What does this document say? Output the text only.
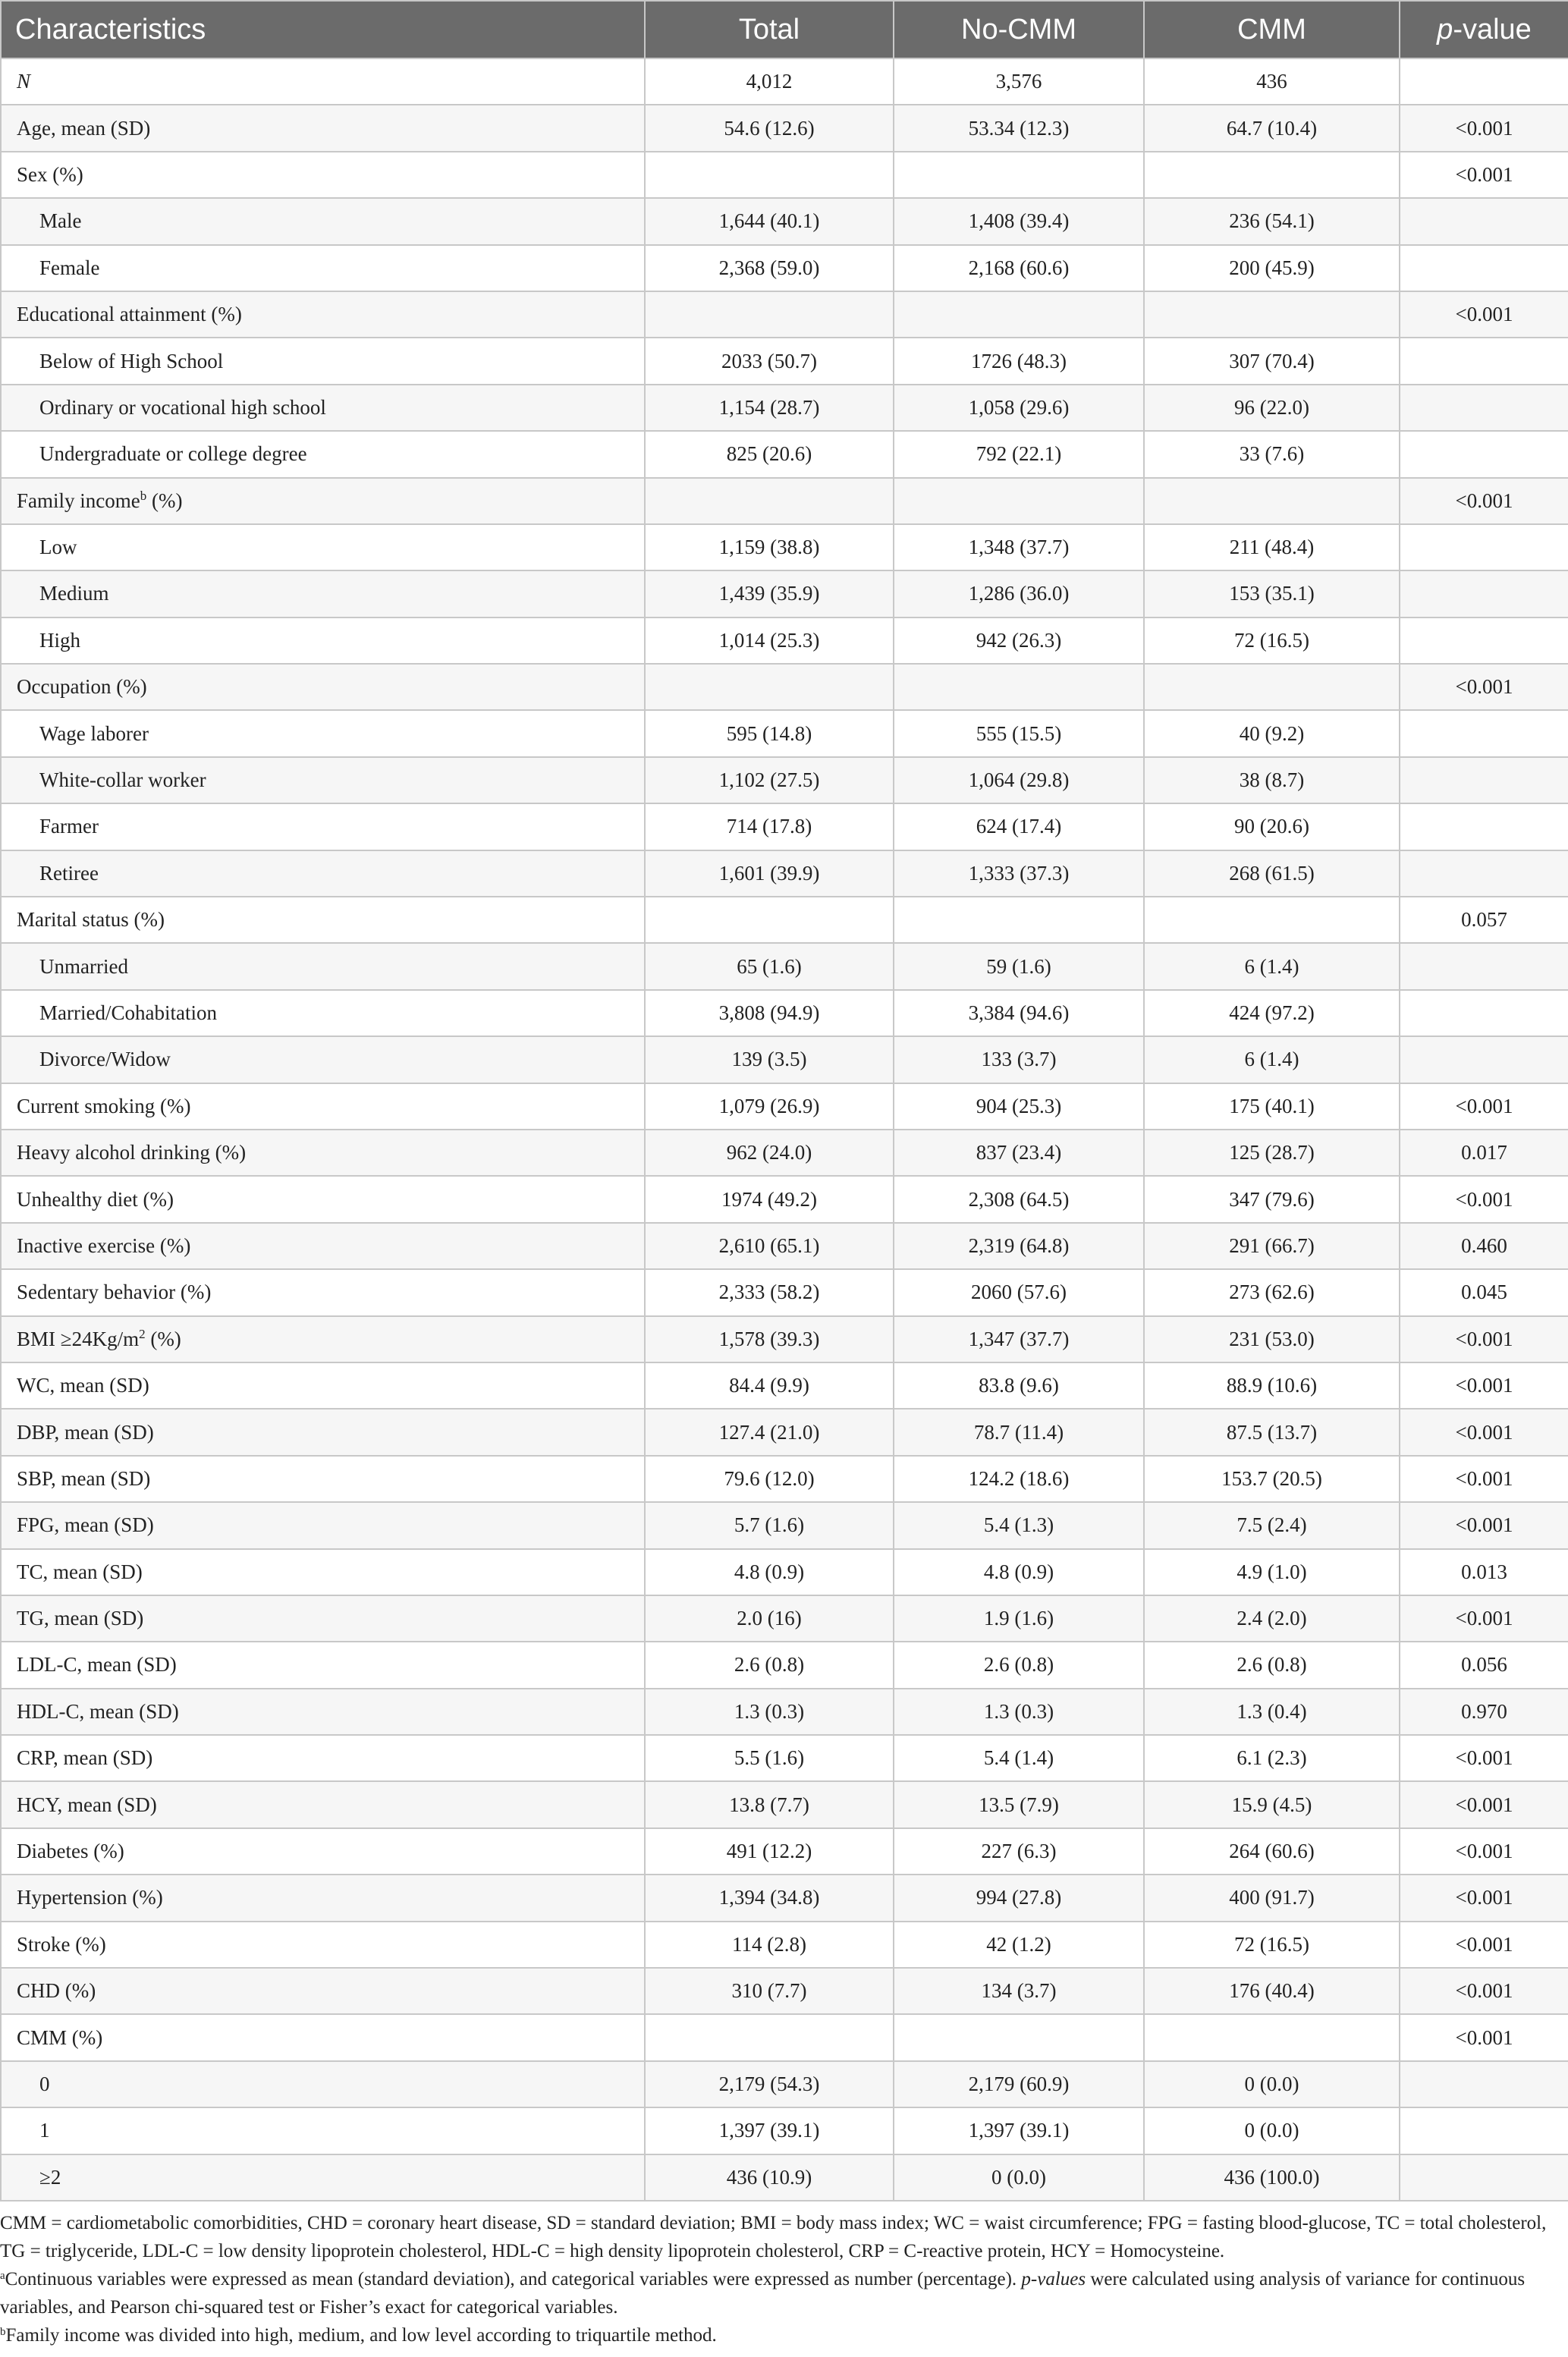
Characteristics	Total	No-CMM	CMM	p-value
N	4,012	3,576	436	
Age, mean (SD)	54.6 (12.6)	53.34 (12.3)	64.7 (10.4)	<0.001
Sex (%)				<0.001
Male	1,644 (40.1)	1,408 (39.4)	236 (54.1)	
Female	2,368 (59.0)	2,168 (60.6)	200 (45.9)	
Educational attainment (%)				<0.001
Below of High School	2033 (50.7)	1726 (48.3)	307 (70.4)	
Ordinary or vocational high school	1,154 (28.7)	1,058 (29.6)	96 (22.0)	
Undergraduate or college degree	825 (20.6)	792 (22.1)	33 (7.6)	
Family income$^b$ (%)				<0.001
Low	1,159 (38.8)	1,348 (37.7)	211 (48.4)	
Medium	1,439 (35.9)	1,286 (36.0)	153 (35.1)	
High	1,014 (25.3)	942 (26.3)	72 (16.5)	
Occupation (%)				<0.001
Wage laborer	595 (14.8)	555 (15.5)	40 (9.2)	
White-collar worker	1,102 (27.5)	1,064 (29.8)	38 (8.7)	
Farmer	714 (17.8)	624 (17.4)	90 (20.6)	
Retiree	1,601 (39.9)	1,333 (37.3)	268 (61.5)	
Marital status (%)				0.057
Unmarried	65 (1.6)	59 (1.6)	6 (1.4)	
Married/Cohabitation	3,808 (94.9)	3,384 (94.6)	424 (97.2)	
Divorce/Widow	139 (3.5)	133 (3.7)	6 (1.4)	
Current smoking (%)	1,079 (26.9)	904 (25.3)	175 (40.1)	<0.001
Heavy alcohol drinking (%)	962 (24.0)	837 (23.4)	125 (28.7)	0.017
Unhealthy diet (%)	1974 (49.2)	2,308 (64.5)	347 (79.6)	<0.001
Inactive exercise (%)	2,610 (65.1)	2,319 (64.8)	291 (66.7)	0.460
Sedentary behavior (%)	2,333 (58.2)	2060 (57.6)	273 (62.6)	0.045
BMI $\ge 24Kg/m^2$ (%)	1,578 (39.3)	1,347 (37.7)	231 (53.0)	<0.001
WC, mean (SD)	84.4 (9.9)	83.8 (9.6)	88.9 (10.6)	<0.001
DBP, mean (SD)	127.4 (21.0)	78.7 (11.4)	87.5 (13.7)	<0.001
SBP, mean (SD)	79.6 (12.0)	124.2 (18.6)	153.7 (20.5)	<0.001
FPG, mean (SD)	5.7 (1.6)	5.4 (1.3)	7.5 (2.4)	<0.001
TC, mean (SD)	4.8 (0.9)	4.8 (0.9)	4.9 (1.0)	0.013
TG, mean (SD)	2.0 (16)	1.9 (1.6)	2.4 (2.0)	<0.001
LDL-C, mean (SD)	2.6 (0.8)	2.6 (0.8)	2.6 (0.8)	0.056
HDL-C, mean (SD)	1.3 (0.3)	1.3 (0.3)	1.3 (0.4)	0.970
CRP, mean (SD)	5.5 (1.6)	5.4 (1.4)	6.1 (2.3)	<0.001
HCY, mean (SD)	13.8 (7.7)	13.5 (7.9)	15.9 (4.5)	<0.001
Diabetes (%)	491 (12.2)	227 (6.3)	264 (60.6)	<0.001
Hypertension (%)	1,394 (34.8)	994 (27.8)	400 (91.7)	<0.001
Stroke (%)	114 (2.8)	42 (1.2)	72 (16.5)	<0.001
CHD (%)	310 (7.7)	134 (3.7)	176 (40.4)	<0.001
CMM (%)				<0.001
0	2,179 (54.3)	2,179 (60.9)	0 (0.0)	
1	1,397 (39.1)	1,397 (39.1)	0 (0.0)	
≥2	436 (10.9)	0 (0.0)	436 (100.0)	

CMM = cardiometabolic comorbidities, CHD = coronary heart disease, SD = standard deviation; BMI = body mass index; WC = waist circumference; FPG = fasting blood-glucose, TC = total cholesterol, TG = triglyceride, LDL-C = low density lipoprotein cholesterol, HDL-C = high density lipoprotein cholesterol, CRP = C-reactive protein, HCY = Homocysteine.

$^a$Continuous variables were expressed as mean (standard deviation), and categorical variables were expressed as number (percentage). p-values were calculated using analysis of variance for continuous variables, and Pearson chi-squared test or Fisher’s exact for categorical variables.

$^b$Family income was divided into high, medium, and low level according to triquartile method.
